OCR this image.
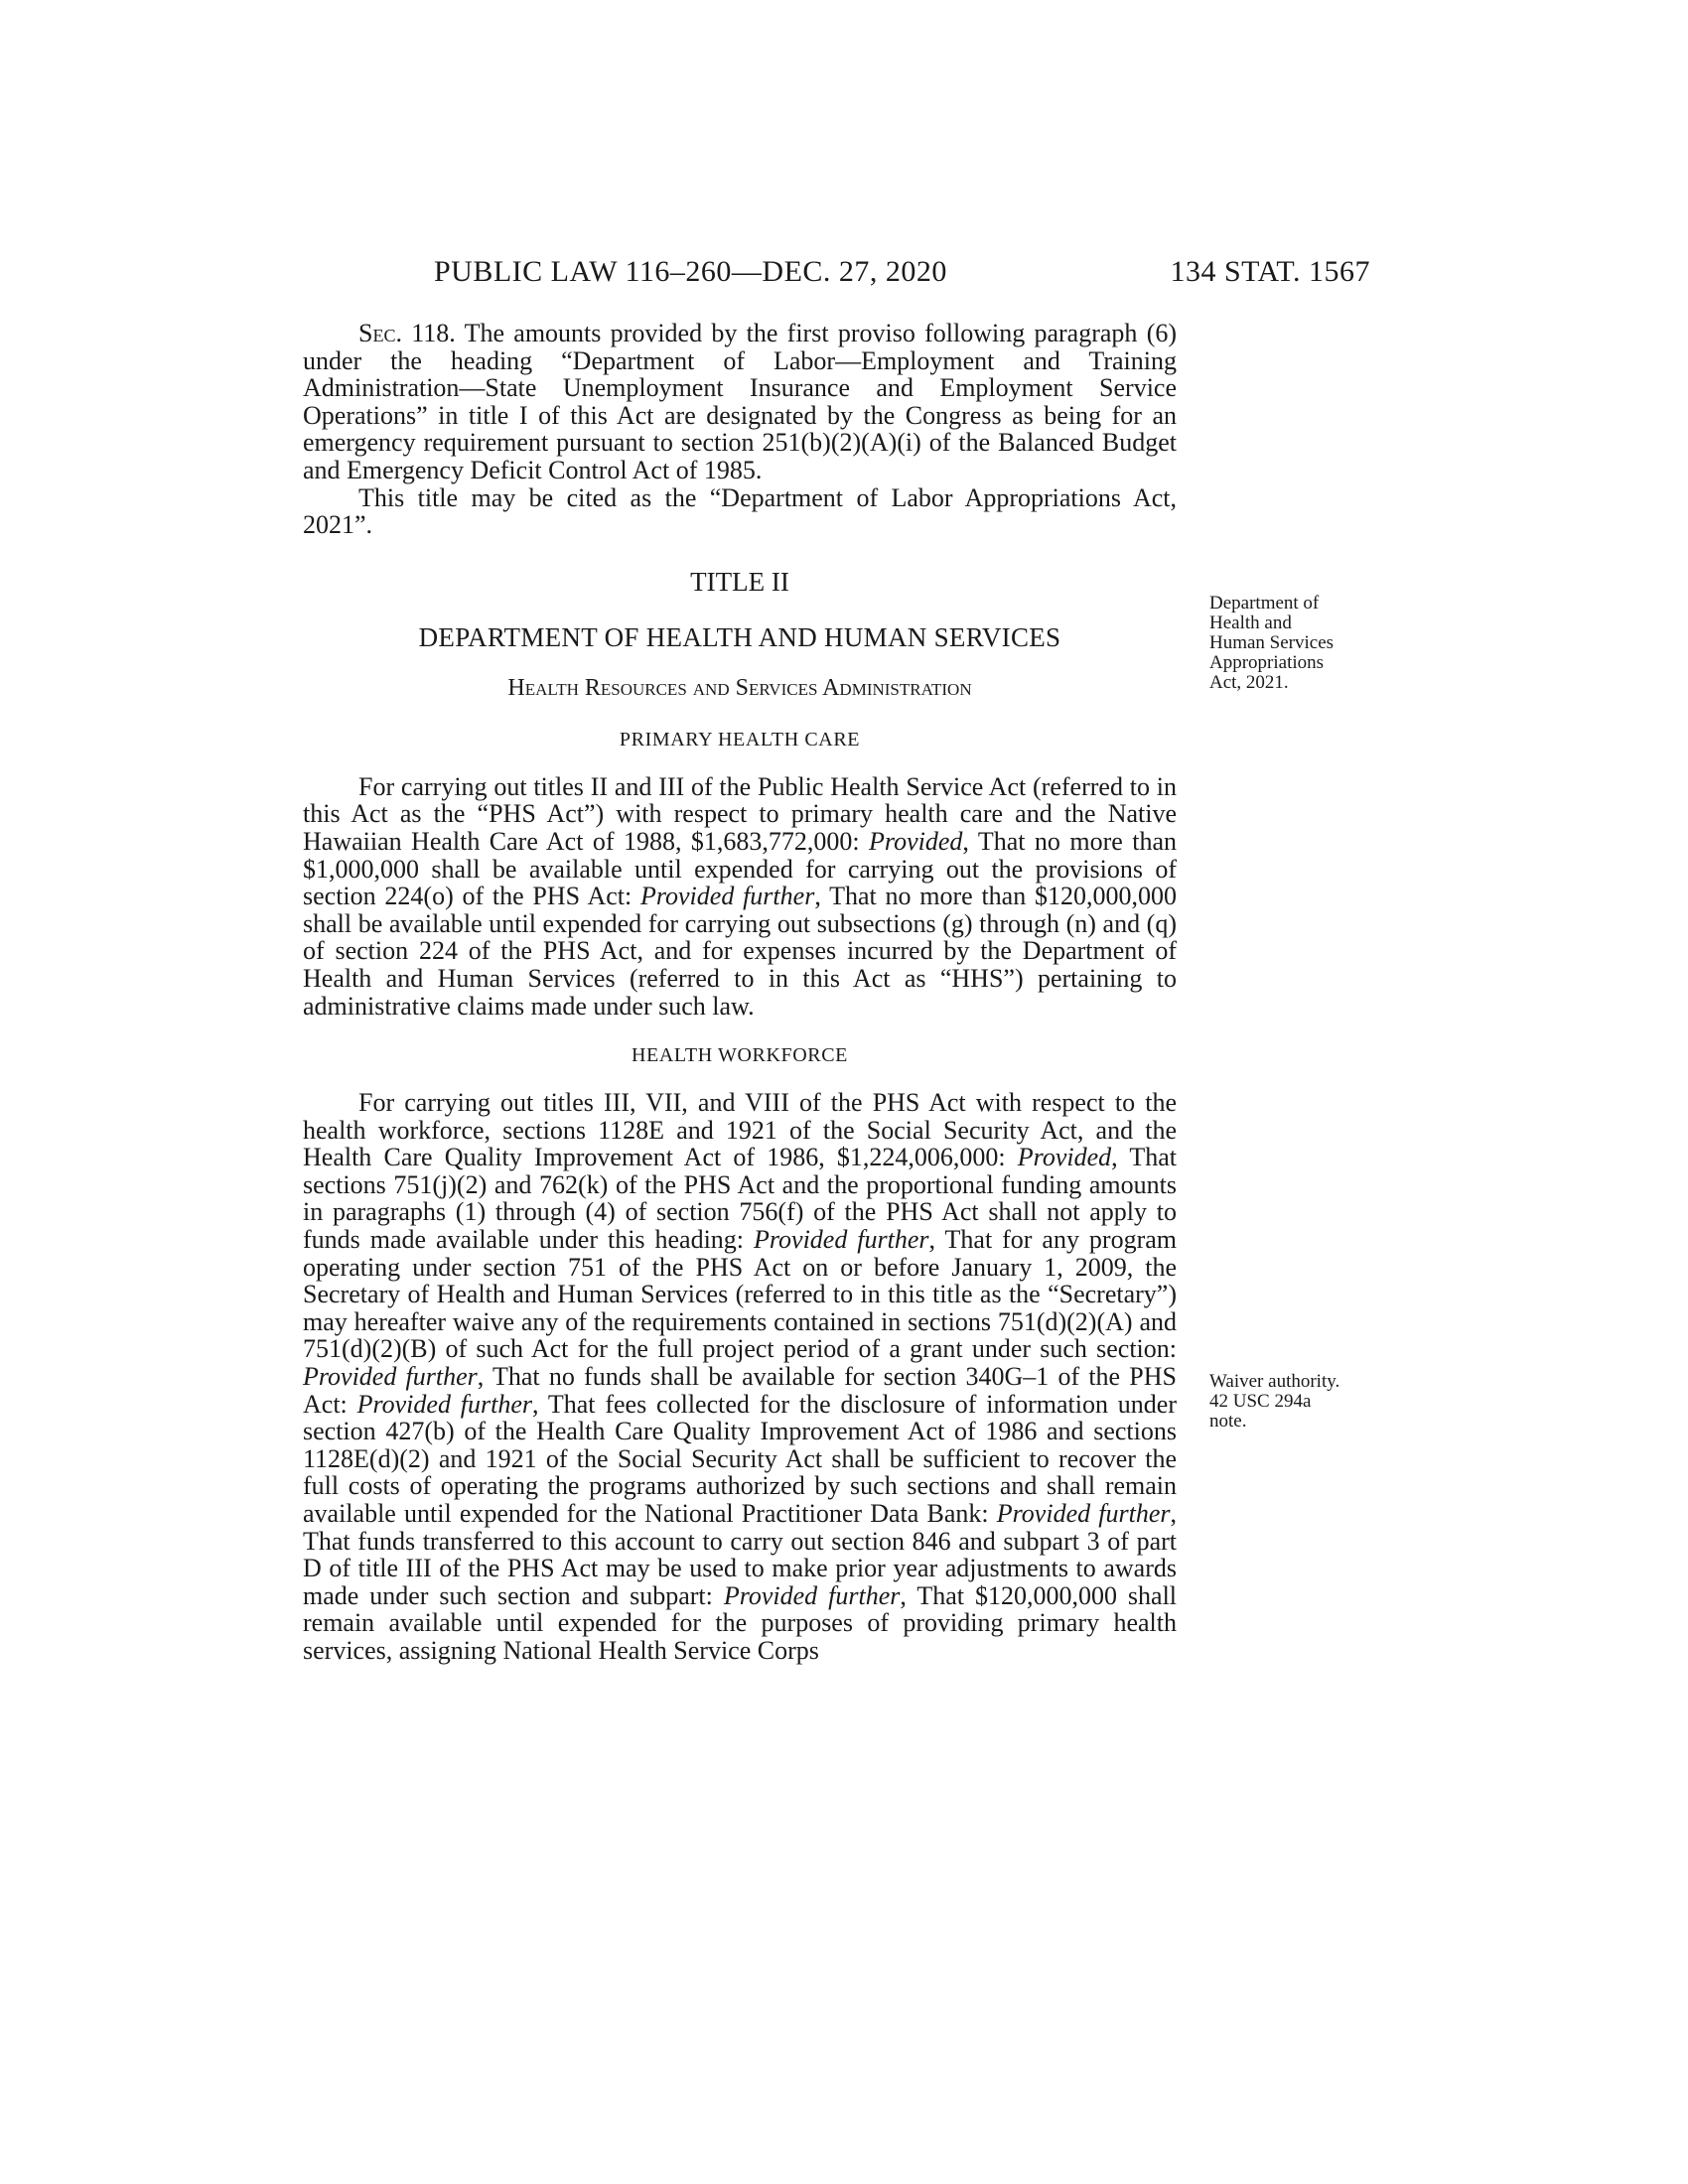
PUBLIC LAW 116–260—DEC. 27, 2020	134 STAT. 1567

Sec. 118. The amounts provided by the first proviso following paragraph (6) under the heading “Department of Labor—Employment and Training Administration—State Unemployment Insurance and Employment Service Operations” in title I of this Act are designated by the Congress as being for an emergency requirement pursuant to section 251(b)(2)(A)(i) of the Balanced Budget and Emergency Deficit Control Act of 1985.

This title may be cited as the “Department of Labor Appropriations Act, 2021”.

TITLE II
DEPARTMENT OF HEALTH AND HUMAN SERVICES
Health Resources and Services Administration
PRIMARY HEALTH CARE

For carrying out titles II and III of the Public Health Service Act (referred to in this Act as the “PHS Act”) with respect to primary health care and the Native Hawaiian Health Care Act of 1988, $1,683,772,000: Provided, That no more than $1,000,000 shall be available until expended for carrying out the provisions of section 224(o) of the PHS Act: Provided further, That no more than $120,000,000 shall be available until expended for carrying out subsections (g) through (n) and (q) of section 224 of the PHS Act, and for expenses incurred by the Department of Health and Human Services (referred to in this Act as “HHS”) pertaining to administrative claims made under such law.

HEALTH WORKFORCE

For carrying out titles III, VII, and VIII of the PHS Act with respect to the health workforce, sections 1128E and 1921 of the Social Security Act, and the Health Care Quality Improvement Act of 1986, $1,224,006,000: Provided, That sections 751(j)(2) and 762(k) of the PHS Act and the proportional funding amounts in paragraphs (1) through (4) of section 756(f) of the PHS Act shall not apply to funds made available under this heading: Provided further, That for any program operating under section 751 of the PHS Act on or before January 1, 2009, the Secretary of Health and Human Services (referred to in this title as the “Secretary”) may hereafter waive any of the requirements contained in sections 751(d)(2)(A) and 751(d)(2)(B) of such Act for the full project period of a grant under such section: Provided further, That no funds shall be available for section 340G–1 of the PHS Act: Provided further, That fees collected for the disclosure of information under section 427(b) of the Health Care Quality Improvement Act of 1986 and sections 1128E(d)(2) and 1921 of the Social Security Act shall be sufficient to recover the full costs of operating the programs authorized by such sections and shall remain available until expended for the National Practitioner Data Bank: Provided further, That funds transferred to this account to carry out section 846 and subpart 3 of part D of title III of the PHS Act may be used to make prior year adjustments to awards made under such section and subpart: Provided further, That $120,000,000 shall remain available until expended for the purposes of providing primary health services, assigning National Health Service Corps

Department of
Health and
Human Services
Appropriations
Act, 2021.
Waiver authority.
42 USC 294a
note.
